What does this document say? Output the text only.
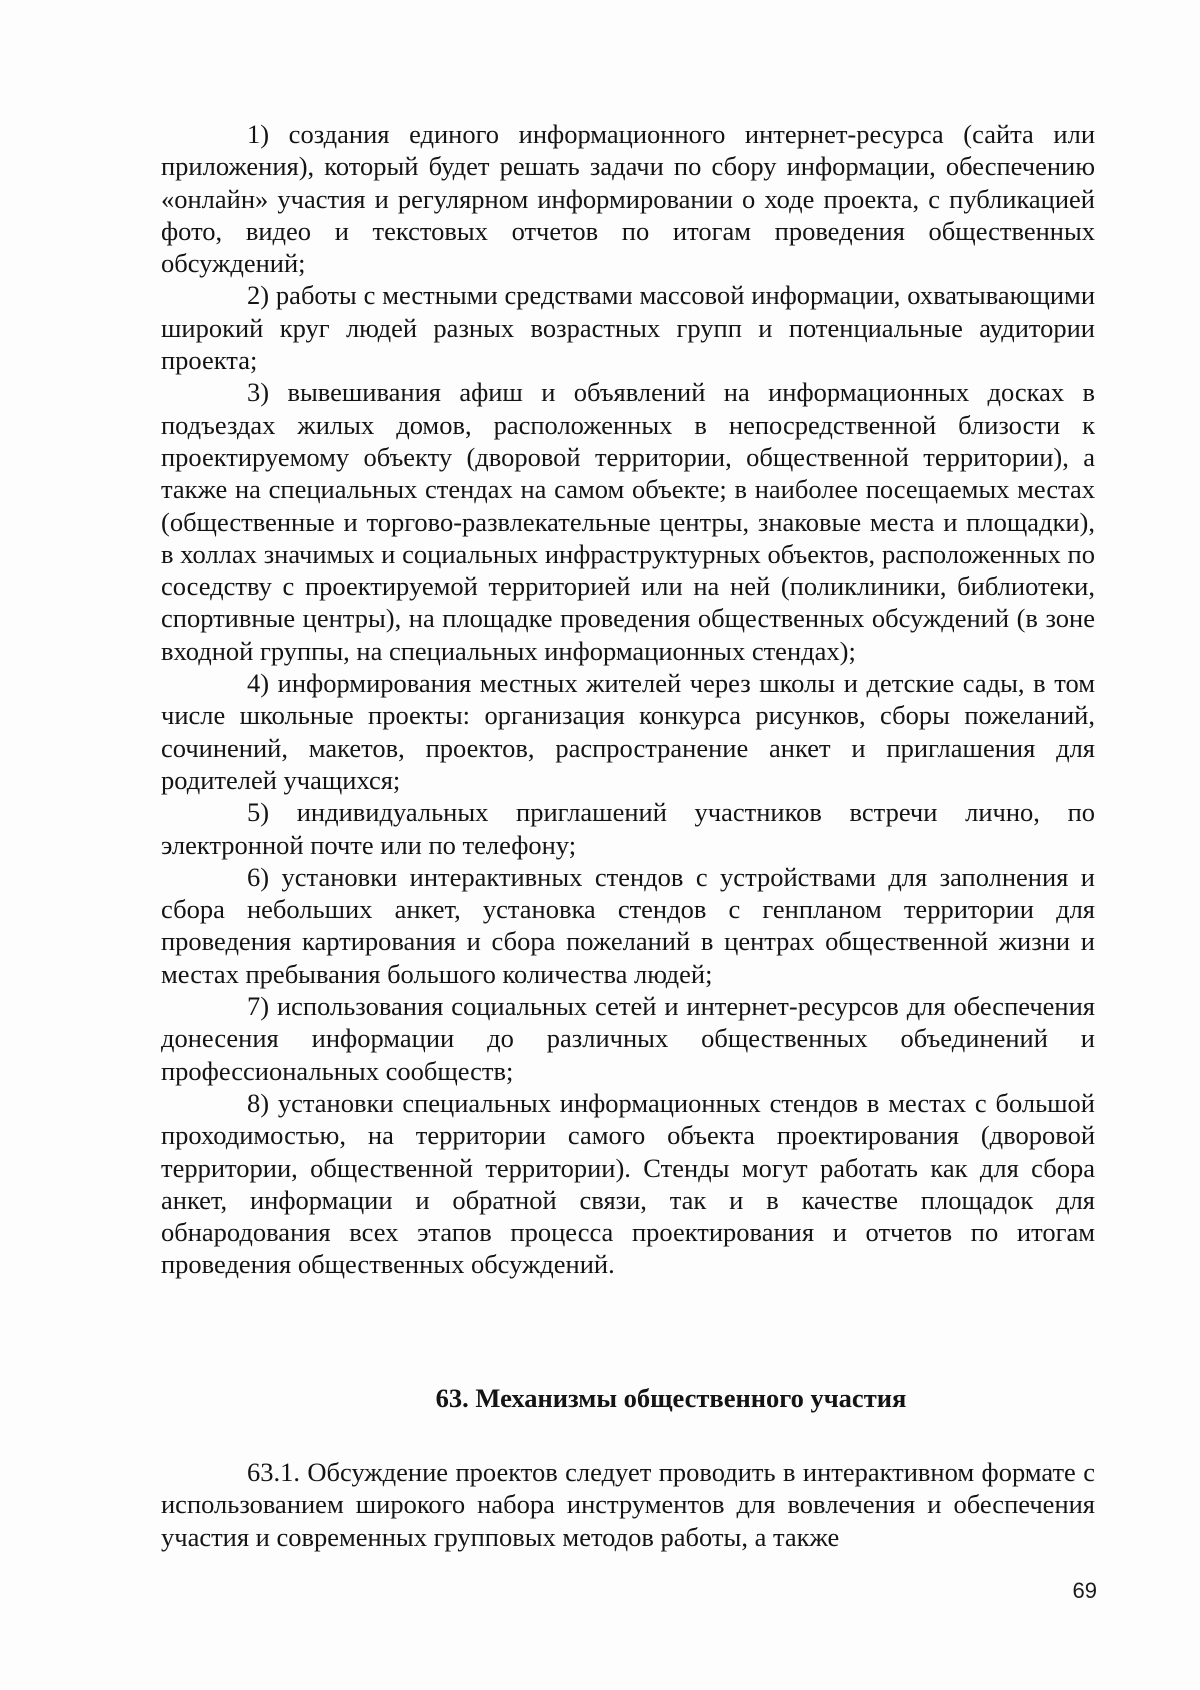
1) создания единого информационного интернет-ресурса (сайта или приложения), который будет решать задачи по сбору информации, обеспечению «онлайн» участия и регулярном информировании о ходе проекта, с публикацией фото, видео и текстовых отчетов по итогам проведения общественных обсуждений;

2) работы с местными средствами массовой информации, охватывающими широкий круг людей разных возрастных групп и потенциальные аудитории проекта;

3) вывешивания афиш и объявлений на информационных досках в подъездах жилых домов, расположенных в непосредственной близости к проектируемому объекту (дворовой территории, общественной территории), а также на специальных стендах на самом объекте; в наиболее посещаемых местах (общественные и торгово-развлекательные центры, знаковые места и площадки), в холлах значимых и социальных инфраструктурных объектов, расположенных по соседству с проектируемой территорией или на ней (поликлиники, библиотеки, спортивные центры), на площадке проведения общественных обсуждений (в зоне входной группы, на специальных информационных стендах);

4) информирования местных жителей через школы и детские сады, в том числе школьные проекты: организация конкурса рисунков, сборы пожеланий, сочинений, макетов, проектов, распространение анкет и приглашения для родителей учащихся;

5) индивидуальных приглашений участников встречи лично, по электронной почте или по телефону;

6) установки интерактивных стендов с устройствами для заполнения и сбора небольших анкет, установка стендов с генпланом территории для проведения картирования и сбора пожеланий в центрах общественной жизни и местах пребывания большого количества людей;

7) использования социальных сетей и интернет-ресурсов для обеспечения донесения информации до различных общественных объединений и профессиональных сообществ;

8) установки специальных информационных стендов в местах с большой проходимостью, на территории самого объекта проектирования (дворовой территории, общественной территории). Стенды могут работать как для сбора анкет, информации и обратной связи, так и в качестве площадок для обнародования всех этапов процесса проектирования и отчетов по итогам проведения общественных обсуждений.

63. Механизмы общественного участия

63.1. Обсуждение проектов следует проводить в интерактивном формате с использованием широкого набора инструментов для вовлечения и обеспечения участия и современных групповых методов работы, а также

69
